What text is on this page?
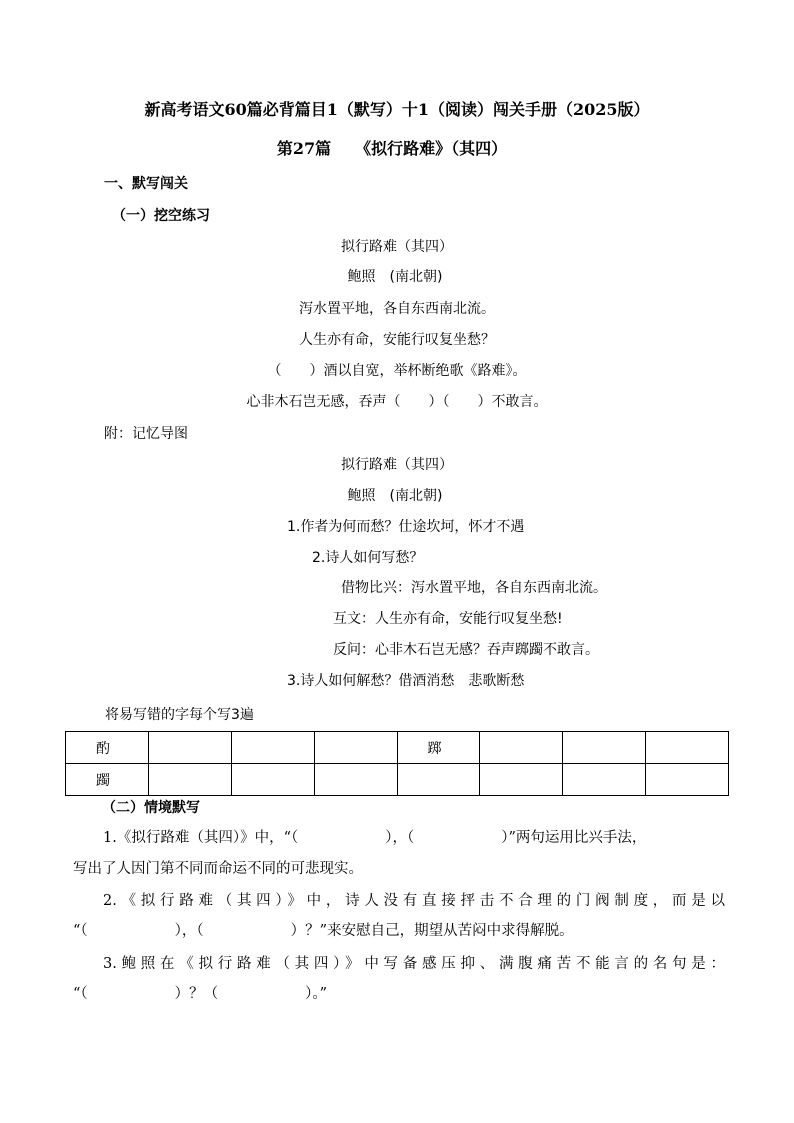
新高考语文60篇必背篇目1（默写）十1（阅读）闯关手册（2025版）
第27篇　　《拟行路难》（其四）
一、默写闯关
（一）挖空练习
拟行路难（其四）
鲍照　(南北朝)
泻水置平地，各自东西南北流。
人生亦有命，安能行叹复坐愁？
（　　）酒以自宽，举杯断绝歌《路难》。
心非木石岂无感，吞声（　　）（　　）不敢言。
附：记忆导图
拟行路难（其四）
鲍照　(南北朝)
1.作者为何而愁？仕途坎坷，怀才不遇
2.诗人如何写愁？
借物比兴：泻水置平地，各自东西南北流。
互文：人生亦有命，安能行叹复坐愁!
反问：心非木石岂无感？吞声踯躅不敢言。
3.诗人如何解愁？借酒消愁　悲歌断愁
将易写错的字每个写3遍
酌				踯			
躅							
（二）情境默写
1.《拟行路难（其四）》中，“（　　　　　　），（　　　　　　）”两句运用比兴手法，
写出了人因门第不同而命运不同的可悲现实。
2.《拟行路难（其四）》中，诗人没有直接抨击不合理的门阀制度，而是以
“（　　　　　　），（　　　　　　）？”来安慰自己，期望从苦闷中求得解脱。
3.鲍照在《拟行路难（其四）》中写备感压抑、满腹痛苦不能言的名句是：
“（　　　　　　）？（　　　　　　）。”
